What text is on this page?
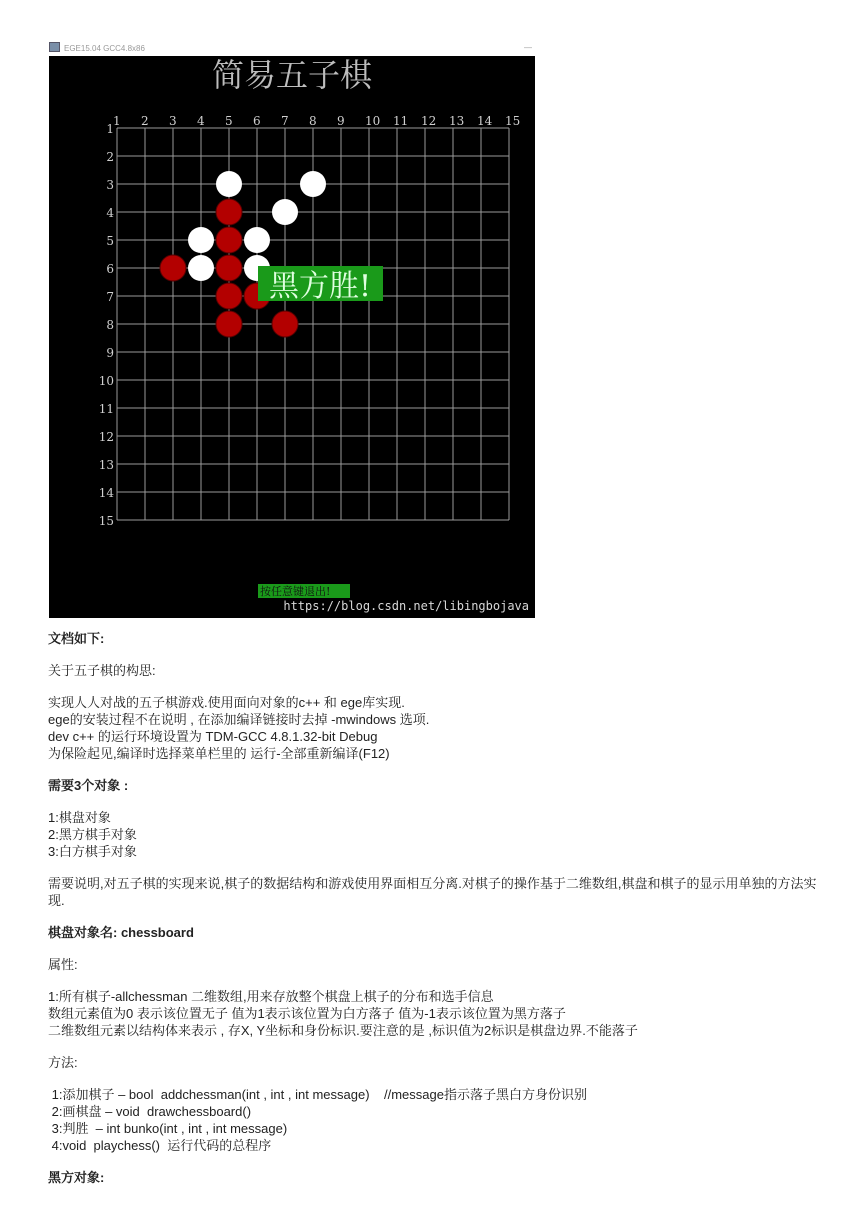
EGE15.04 GCC4.8x86	—
简易五子棋
1 2 3 4 5 6 7 8 9 10 11 12 13 14 15
1
2
3
4
5
6
7
8
9
10
11
12
13
14
15
黑方胜!
按任意键退出!
https://blog.csdn.net/libingbojava

文档如下:

关于五子棋的构思:

实现人人对战的五子棋游戏.使用面向对象的c++ 和 ege库实现.

ege的安装过程不在说明 , 在添加编译链接时去掉 -mwindows 选项.

dev c++ 的运行环境设置为 TDM-GCC 4.8.1.32-bit Debug

为保险起见,编译时选择菜单栏里的 运行-全部重新编译(F12)

需要3个对象 :

1:棋盘对象

2:黑方棋手对象

3:白方棋手对象

需要说明,对五子棋的实现来说,棋子的数据结构和游戏使用界面相互分离.对棋子的操作基于二维数组,棋盘和棋子的显示用单独的方法实现.

棋盘对象名: chessboard

属性:

1:所有棋子-allchessman 二维数组,用来存放整个棋盘上棋子的分布和选手信息

数组元素值为0 表示该位置无子 值为1表示该位置为白方落子 值为-1表示该位置为黑方落子

二维数组元素以结构体来表示 , 存X, Y坐标和身份标识.要注意的是 ,标识值为2标识是棋盘边界.不能落子

方法:

1:添加棋子 – bool  addchessman(int , int , int message)    //message指示落子黑白方身份识别

2:画棋盘 – void  drawchessboard()

3:判胜  – int bunko(int , int , int message)

4:void  playchess()  运行代码的总程序

黑方对象:
